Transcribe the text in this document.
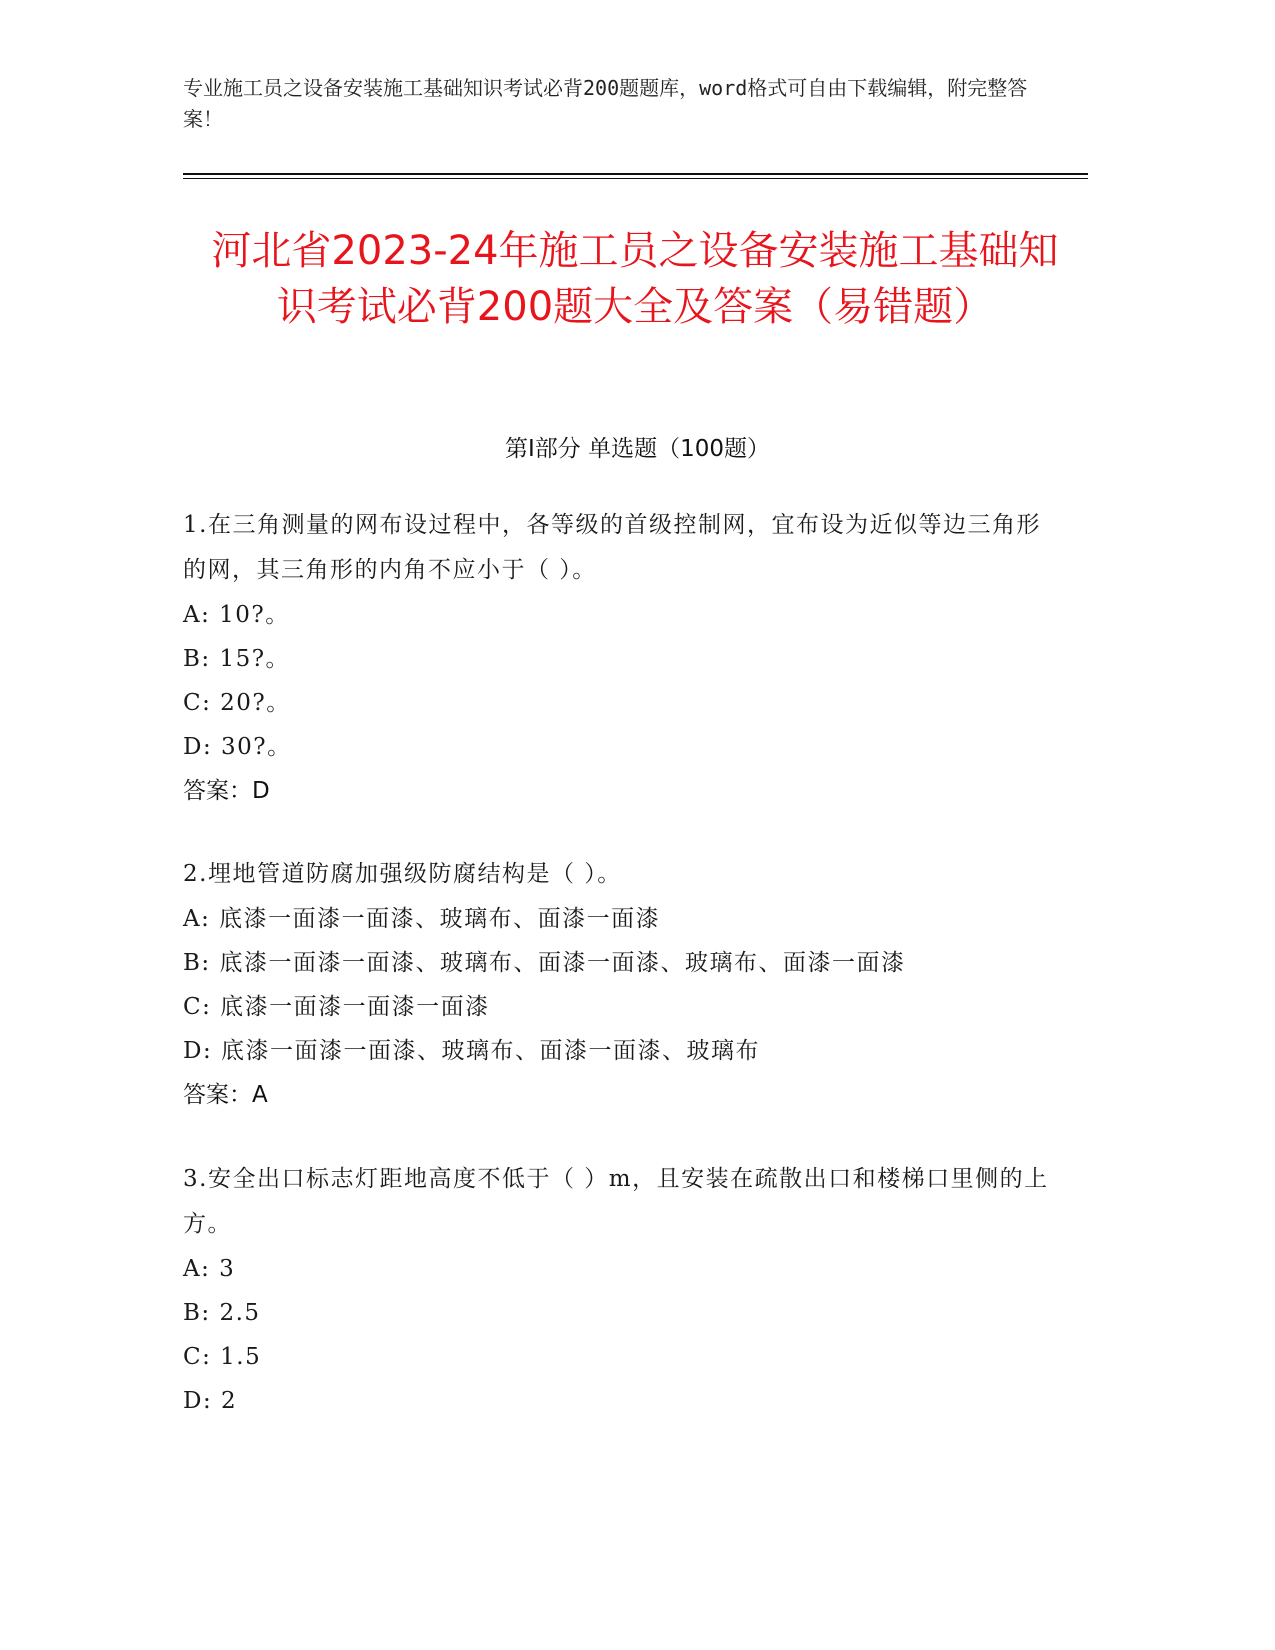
专业施工员之设备安装施工基础知识考试必背200题题库，word格式可自由下载编辑，附完整答案！
河北省2023-24年施工员之设备安装施工基础知识考试必背200题大全及答案（易错题）
第I部分 单选题（100题）
1.在三角测量的网布设过程中，各等级的首级控制网，宜布设为近似等边三角形的网，其三角形的内角不应小于（ ）。
A: 10?。
B: 15?。
C: 20?。
D: 30?。
答案：D
2.埋地管道防腐加强级防腐结构是（ ）。
A: 底漆一面漆一面漆、玻璃布、面漆一面漆
B: 底漆一面漆一面漆、玻璃布、面漆一面漆、玻璃布、面漆一面漆
C: 底漆一面漆一面漆一面漆
D: 底漆一面漆一面漆、玻璃布、面漆一面漆、玻璃布
答案：A
3.安全出口标志灯距地高度不低于（ ）m，且安装在疏散出口和楼梯口里侧的上方。
A: 3
B: 2.5
C: 1.5
D: 2
